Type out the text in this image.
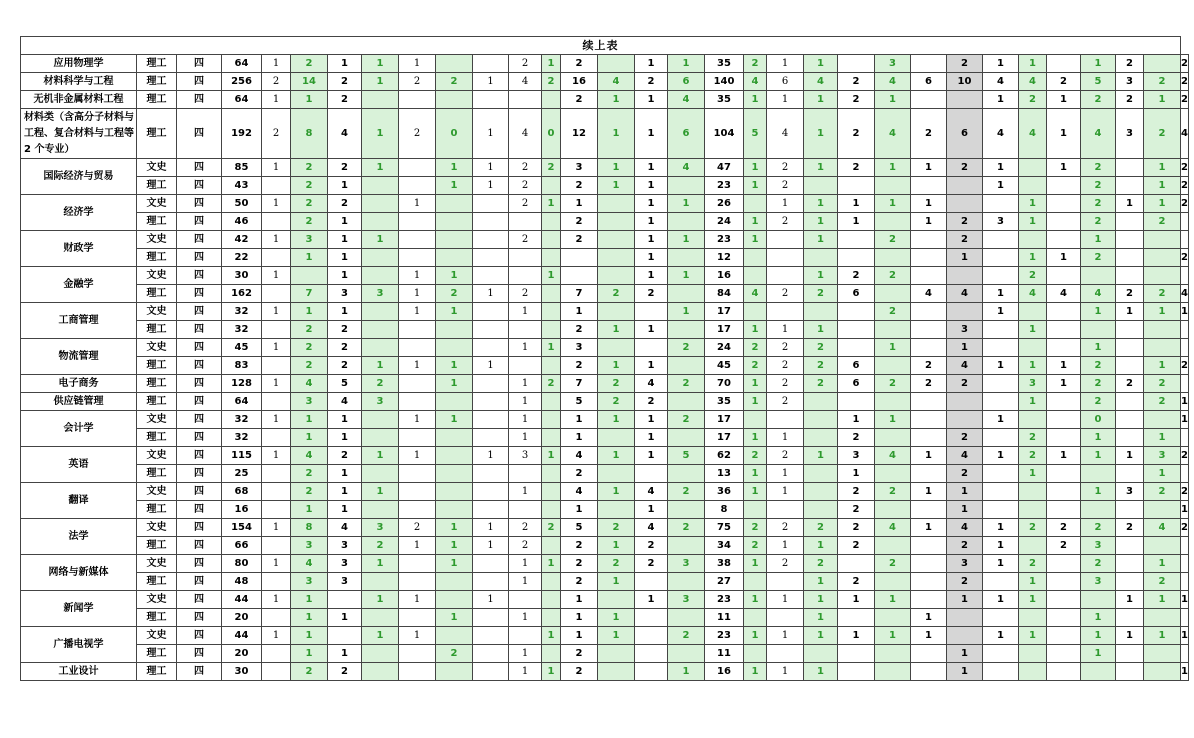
续上表																															
应用物理学	理工	四	64	1	2	1	1	1			2	1	2		1	1	35	2	1	1		3		2	1	1		1	2		2
材料科学与工程	理工	四	256	2	14	2	1	2	2	1	4	2	16	4	2	6	140	4	6	4	2	4	6	10	4	4	2	5	3	2	2
无机非金属材料工程	理工	四	64	1	1	2							2	1	1	4	35	1	1	1	2	1			1	2	1	2	2	1	2
材料类（含高分子材料与工程、复合材料与工程等 2 个专业）	理工	四	192	2	8	4	1	2	0	1	4	0	12	1	1	6	104	5	4	1	2	4	2	6	4	4	1	4	3	2	4
国际经济与贸易	文史	四	85	1	2	2	1		1	1	2	2	3	1	1	4	47	1	2	1	2	1	1	2	1		1	2		1	2
	理工	四	43		2	1			1	1	2		2	1	1		23	1	2						1			2		1	2
经济学	文史	四	50	1	2	2		1			2	1	1		1	1	26		1	1	1	1	1			1		2	1	1	2
	理工	四	46		2	1							2		1		24	1	2	1	1		1	2	3	1		2		2	
财政学	文史	四	42	1	3	1	1				2		2		1	1	23	1		1		2		2				1			
	理工	四	22		1	1									1		12							1		1	1	2			2
金融学	文史	四	30	1		1		1	1			1			1	1	16			1	2	2				2					
	理工	四	162		7	3	3	1	2	1	2		7	2	2		84	4	2	2	6		4	4	1	4	4	4	2	2	4
工商管理	文史	四	32	1	1	1		1	1		1		1			1	17					2			1			1	1	1	1
	理工	四	32		2	2							2	1	1		17	1	1	1				3		1					
物流管理	文史	四	45	1	2	2					1	1	3			2	24	2	2	2		1		1				1			
	理工	四	83		2	2	1	1	1	1			2	1	1		45	2	2	2	6		2	4	1	1	1	2		1	2
电子商务	理工	四	128	1	4	5	2		1		1	2	7	2	4	2	70	1	2	2	6	2	2	2		3	1	2	2	2	
供应链管理	理工	四	64		3	4	3				1		5	2	2		35	1	2							1		2		2	1
会计学	文史	四	32	1	1	1		1	1		1		1	1	1	2	17				1	1			1			0			1
	理工	四	32		1	1					1		1		1		17	1	1		2			2		2		1		1	
英语	文史	四	115	1	4	2	1	1		1	3	1	4	1	1	5	62	2	2	1	3	4	1	4	1	2	1	1	1	3	2
	理工	四	25		2	1							2				13	1	1		1			2		1				1	
翻译	文史	四	68		2	1	1				1		4	1	4	2	36	1	1		2	2	1	1				1	3	2	2
	理工	四	16		1	1							1		1		8				2			1							1
法学	文史	四	154	1	8	4	3	2	1	1	2	2	5	2	4	2	75	2	2	2	2	4	1	4	1	2	2	2	2	4	2
	理工	四	66		3	3	2	1	1	1	2		2	1	2		34	2	1	1	2			2	1		2	3			
网络与新媒体	文史	四	80	1	4	3	1		1		1	1	2	2	2	3	38	1	2	2		2		3	1	2		2		1	
	理工	四	48		3	3					1		2	1			27			1	2			2		1		3		2	
新闻学	文史	四	44	1	1		1	1		1			1		1	3	23	1	1	1	1	1		1	1	1			1	1	1
	理工	四	20		1	1			1		1		1	1			11			1			1					1			
广播电视学	文史	四	44	1	1		1	1				1	1	1		2	23	1	1	1	1	1	1		1	1		1	1	1	1
	理工	四	20		1	1			2		1		2				11							1				1			
工业设计	理工	四	30		2	2					1	1	2			1	16	1	1	1				1							1
